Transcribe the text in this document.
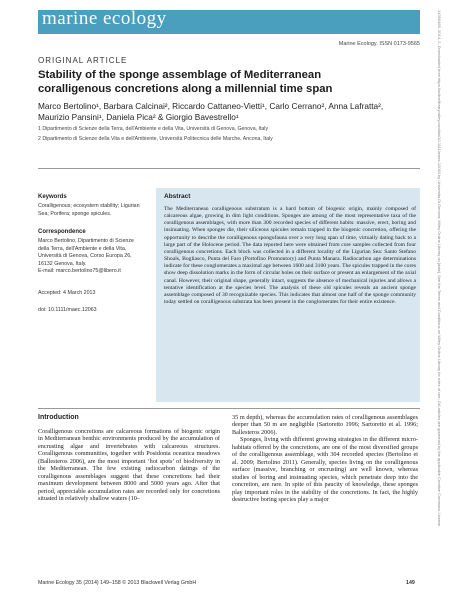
marine ecology
Marine Ecology. ISSN 0173-9565
ORIGINAL ARTICLE
Stability of the sponge assemblage of Mediterranean coralligenous concretions along a millennial time span
Marco Bertolino¹, Barbara Calcinai², Riccardo Cattaneo-Vietti¹, Carlo Cerrano², Anna Lafratta²,
Maurizio Pansini¹, Daniela Pica² & Giorgio Bavestrello¹
1 Dipartimento di Scienze della Terra, dell'Ambiente e della Vita, Università di Genova, Genova, Italy
2 Dipartimento di Scienze della Vita e dell'Ambiente, Università Politecnica delle Marche, Ancona, Italy
Keywords
Coralligenous; ecosystem stability; Ligurian Sea; Porifera; sponge spicules.
Correspondence
Marco Bertolino, Dipartimento di Scienze
della Terra, dell'Ambiente e della Vita,
Università di Genova, Corso Europa 26,
16132 Genova, Italy.
E-mail: marco.bertolino75@libero.it
Accepted: 4 March 2013
doi: 10.1111/maec.12063
Abstract
The Mediterranean coralligenous substratum is a hard bottom of biogenic origin, mainly composed of calcareous algae, growing in dim light conditions. Sponges are among of the most representative taxa of the coralligenous assemblages, with more than 300 recorded species of different habits: massive, erect, boring and insinuating. When sponges die, their siliceous spicules remain trapped in the biogenic concretion, offering the opportunity to describe the coralligenous spongofauna over a very long span of time, virtually dating back to a large part of the Holocene period. The data reported here were obtained from core samples collected from four coralligenous concretions. Each block was collected in a different locality of the Ligurian Sea: Santo Stefano Shoals, Bogliasco, Punta del Faro (Portofino Promontory) and Punta Manara. Radiocarbon age determinations indicate for these conglomerates a maximal age between 1600 and 3100 years. The spicules trapped in the cores show deep dissolution marks in the form of circular holes on their surface or present an enlargement of the axial canal. However, their original shape, generally intact, suggests the absence of mechanical injuries and allows a tentative identification at the species level. The analysis of these old spicules reveals an ancient sponge assemblage composed of 30 recognizable species. This indicates that almost one half of the sponge community today settled on coralligenous substrata has been present in the conglomerates for their entire existence.
Introduction
Coralligenous concretions are calcareous formations of biogenic origin in Mediterranean benthic environments produced by the accumulation of encrusting algae and invertebrates with calcareous structures. Coralligenous communities, together with Posidonia oceanica meadows (Ballesteros 2006), are the most important ‘hot spots’ of biodiversity in the Mediterranean. The few existing radiocarbon datings of the coralligenous assemblages suggest that these concretions had their maximum development between 8000 and 5000 years ago. After that period, appreciable accumulation rates are recorded only for concretions situated in relatively shallow waters (10–
35 m depth), whereas the accumulation rates of coralligenous assemblages deeper than 50 m are negligible (Sartoretto 1996; Sartoretto et al. 1996; Ballesteros 2006).
Sponges, living with different growing strategies in the different micro-habitats offered by the concretions, are one of the most diversified groups of the coralligenous assemblage, with 304 recorded species (Bertolino et al. 2009; Bertolino 2011). Generally, species living on the coralligenous surface (massive, branching or encrusting) are well known, whereas studies of boring and insinuating species, which penetrate deep into the concretion, are rare. In spite of this paucity of knowledge, these sponges play important roles in the stability of the concretions. In fact, the highly destructive boring species play a major
Marine Ecology 35 (2014) 149–158 © 2013 Blackwell Verlag GmbH	149
14390485, 2014, 2, Downloaded from https://onlinelibrary.wiley.com/doi/10.1111/maec.12063 by Universita Di Genova, Wiley Online Library on [date]. See the Terms and Conditions on Wiley Online Library for rules of use; OA articles are governed by the applicable Creative Commons License
